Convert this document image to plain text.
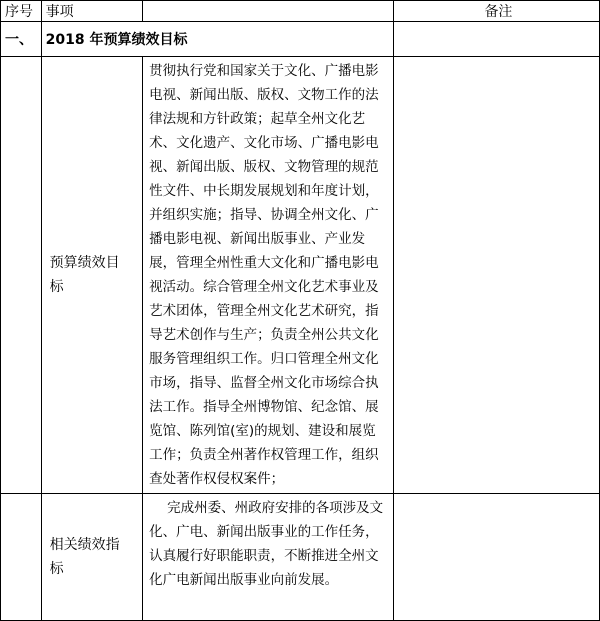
序号	事项		备注
一、	2018 年预算绩效目标		
	预算绩效目标	贯彻执行党和国家关于文化、广播电影电视、新闻出版、版权、文物工作的法律法规和方针政策；起草全州文化艺术、文化遗产、文化市场、广播电影电视、新闻出版、版权、文物管理的规范性文件、中长期发展规划和年度计划，并组织实施；指导、协调全州文化、广播电影电视、新闻出版事业、产业发展，管理全州性重大文化和广播电影电视活动。综合管理全州文化艺术事业及艺术团体，管理全州文化艺术研究，指导艺术创作与生产；负责全州公共文化服务管理组织工作。归口管理全州文化市场，指导、监督全州文化市场综合执法工作。指导全州博物馆、纪念馆、展览馆、陈列馆(室)的规划、建设和展览工作；负责全州著作权管理工作，组织查处著作权侵权案件；	
	相关绩效指标	完成州委、州政府安排的各项涉及文化、广电、新闻出版事业的工作任务，认真履行好职能职责，不断推进全州文化广电新闻出版事业向前发展。	
